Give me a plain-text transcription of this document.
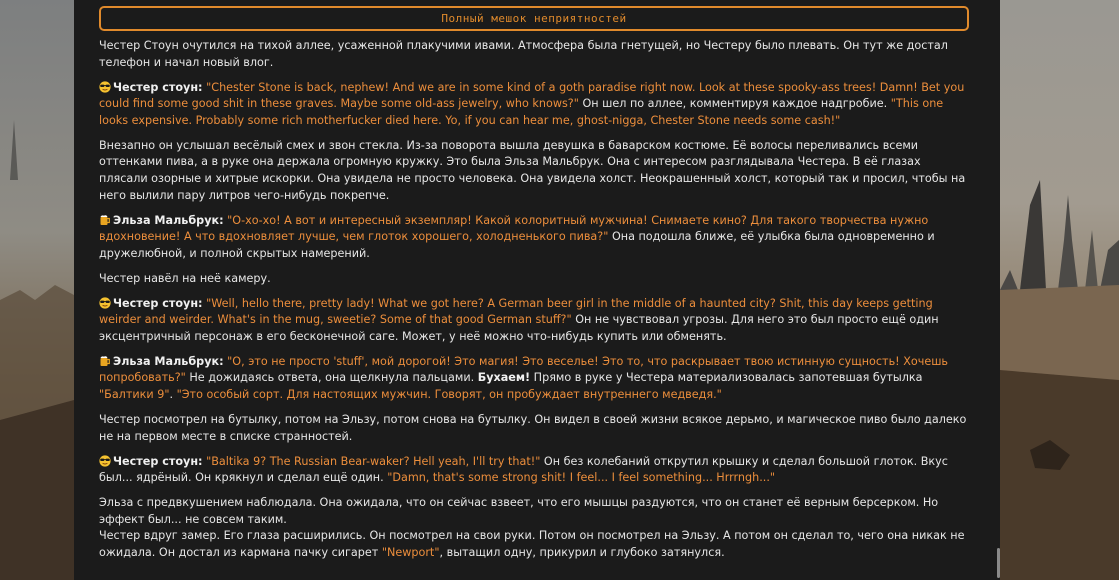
Полный мешок неприятностей

Честер Стоун очутился на тихой аллее, усаженной плакучими ивами. Атмосфера была гнетущей, но Честеру было плевать. Он тут же достал телефон и начал новый влог.

Честер стоун: "Chester Stone is back, nephew! And we are in some kind of a goth paradise right now. Look at these spooky-ass trees! Damn! Bet you could find some good shit in these graves. Maybe some old-ass jewelry, who knows?" Он шел по аллее, комментируя каждое надгробие. "This one looks expensive. Probably some rich motherfucker died here. Yo, if you can hear me, ghost-nigga, Chester Stone needs some cash!"

Внезапно он услышал весёлый смех и звон стекла. Из-за поворота вышла девушка в баварском костюме. Её волосы переливались всеми оттенками пива, а в руке она держала огромную кружку. Это была Эльза Мальбрук. Она с интересом разглядывала Честера. В её глазах плясали озорные и хитрые искорки. Она увидела не просто человека. Она увидела холст. Неокрашенный холст, который так и просил, чтобы на него вылили пару литров чего-нибудь покрепче.

Эльза Мальбрук: "О-хо-хо! А вот и интересный экземпляр! Какой колоритный мужчина! Снимаете кино? Для такого творчества нужно вдохновение! А что вдохновляет лучше, чем глоток хорошего, холодненького пива?" Она подошла ближе, её улыбка была одновременно и дружелюбной, и полной скрытых намерений.

Честер навёл на неё камеру.

Честер стоун: "Well, hello there, pretty lady! What we got here? A German beer girl in the middle of a haunted city? Shit, this day keeps getting weirder and weirder. What's in the mug, sweetie? Some of that good German stuff?" Он не чувствовал угрозы. Для него это был просто ещё один эксцентричный персонаж в его бесконечной саге. Может, у неё можно что-нибудь купить или обменять.

Эльза Мальбрук: "О, это не просто 'stuff', мой дорогой! Это магия! Это веселье! Это то, что раскрывает твою истинную сущность! Хочешь попробовать?" Не дожидаясь ответа, она щелкнула пальцами. Бухаем! Прямо в руке у Честера материализовалась запотевшая бутылка "Балтики 9". "Это особый сорт. Для настоящих мужчин. Говорят, он пробуждает внутреннего медведя."

Честер посмотрел на бутылку, потом на Эльзу, потом снова на бутылку. Он видел в своей жизни всякое дерьмо, и магическое пиво было далеко не на первом месте в списке странностей.

Честер стоун: "Baltika 9? The Russian Bear-waker? Hell yeah, I'll try that!" Он без колебаний открутил крышку и сделал большой глоток. Вкус был... ядрёный. Он крякнул и сделал ещё один. "Damn, that's some strong shit! I feel... I feel something... Hrrrngh..."

Эльза с предвкушением наблюдала. Она ожидала, что он сейчас взвеет, что его мышцы раздуются, что он станет её верным берсерком. Но эффект был... не совсем таким.

Честер вдруг замер. Его глаза расширились. Он посмотрел на свои руки. Потом он посмотрел на Эльзу. А потом он сделал то, чего она никак не ожидала. Он достал из кармана пачку сигарет "Newport", вытащил одну, прикурил и глубоко затянулся.
